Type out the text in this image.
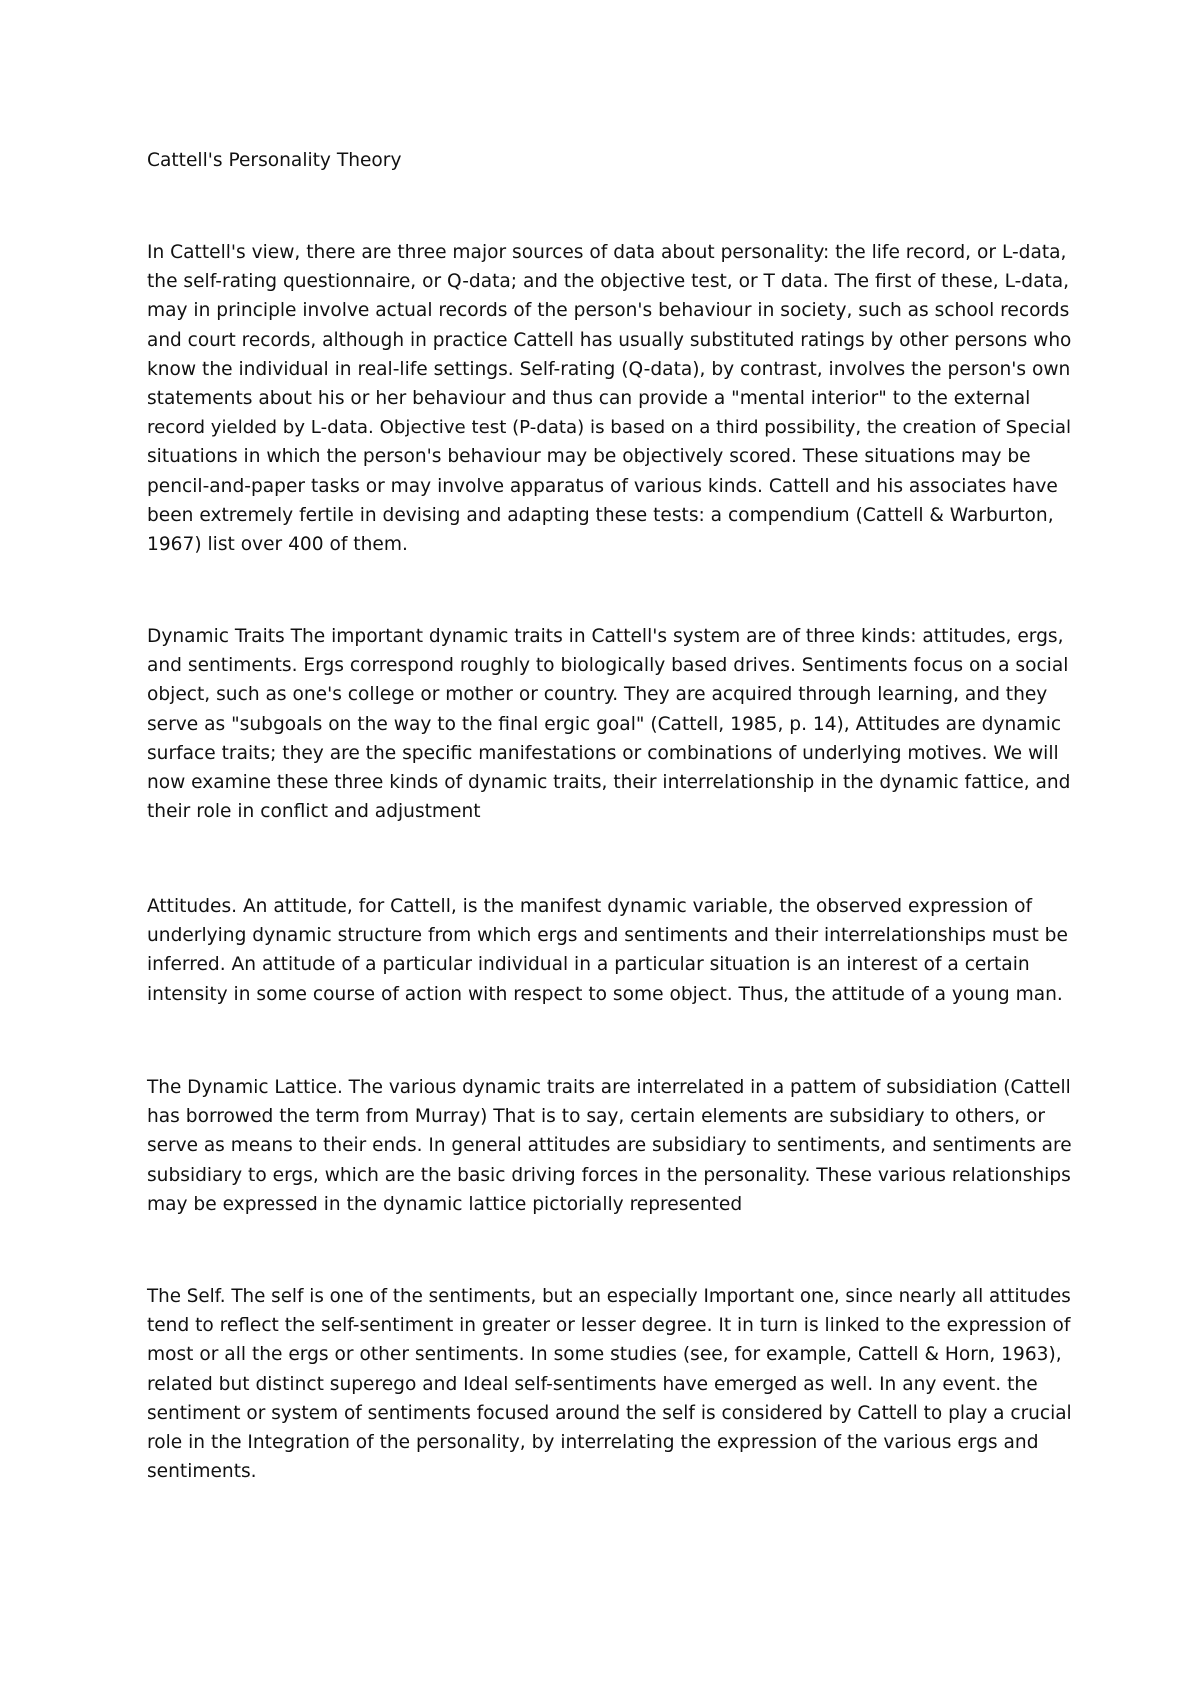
Cattell's Personality Theory
In Cattell's view, there are three major sources of data about personality: the life record, or L-data,
the self-rating questionnaire, or Q-data; and the objective test, or T data. The first of these, L-data,
may in principle involve actual records of the person's behaviour in society, such as school records
and court records, although in practice Cattell has usually substituted ratings by other persons who
know the individual in real-life settings. Self-rating (Q-data), by contrast, involves the person's own
statements about his or her behaviour and thus can provide a "mental interior" to the external
record yielded by L-data. Objective test (P-data) is based on a third possibility, the creation of Special
situations in which the person's behaviour may be objectively scored. These situations may be
pencil-and-paper tasks or may involve apparatus of various kinds. Cattell and his associates have
been extremely fertile in devising and adapting these tests: a compendium (Cattell & Warburton,
1967) list over 400 of them.
Dynamic Traits The important dynamic traits in Cattell's system are of three kinds: attitudes, ergs,
and sentiments. Ergs correspond roughly to biologically based drives. Sentiments focus on a social
object, such as one's college or mother or country. They are acquired through learning, and they
serve as "subgoals on the way to the final ergic goal" (Cattell, 1985, p. 14), Attitudes are dynamic
surface traits; they are the specific manifestations or combinations of underlying motives. We will
now examine these three kinds of dynamic traits, their interrelationship in the dynamic fattice, and
their role in conflict and adjustment
Attitudes. An attitude, for Cattell, is the manifest dynamic variable, the observed expression of
underlying dynamic structure from which ergs and sentiments and their interrelationships must be
inferred. An attitude of a particular individual in a particular situation is an interest of a certain
intensity in some course of action with respect to some object. Thus, the attitude of a young man.
The Dynamic Lattice. The various dynamic traits are interrelated in a pattem of subsidiation (Cattell
has borrowed the term from Murray) That is to say, certain elements are subsidiary to others, or
serve as means to their ends. In general attitudes are subsidiary to sentiments, and sentiments are
subsidiary to ergs, which are the basic driving forces in the personality. These various relationships
may be expressed in the dynamic lattice pictorially represented
The Self. The self is one of the sentiments, but an especially Important one, since nearly all attitudes
tend to reflect the self-sentiment in greater or lesser degree. It in turn is linked to the expression of
most or all the ergs or other sentiments. In some studies (see, for example, Cattell & Horn, 1963),
related but distinct superego and Ideal self-sentiments have emerged as well. In any event. the
sentiment or system of sentiments focused around the self is considered by Cattell to play a crucial
role in the Integration of the personality, by interrelating the expression of the various ergs and
sentiments.
